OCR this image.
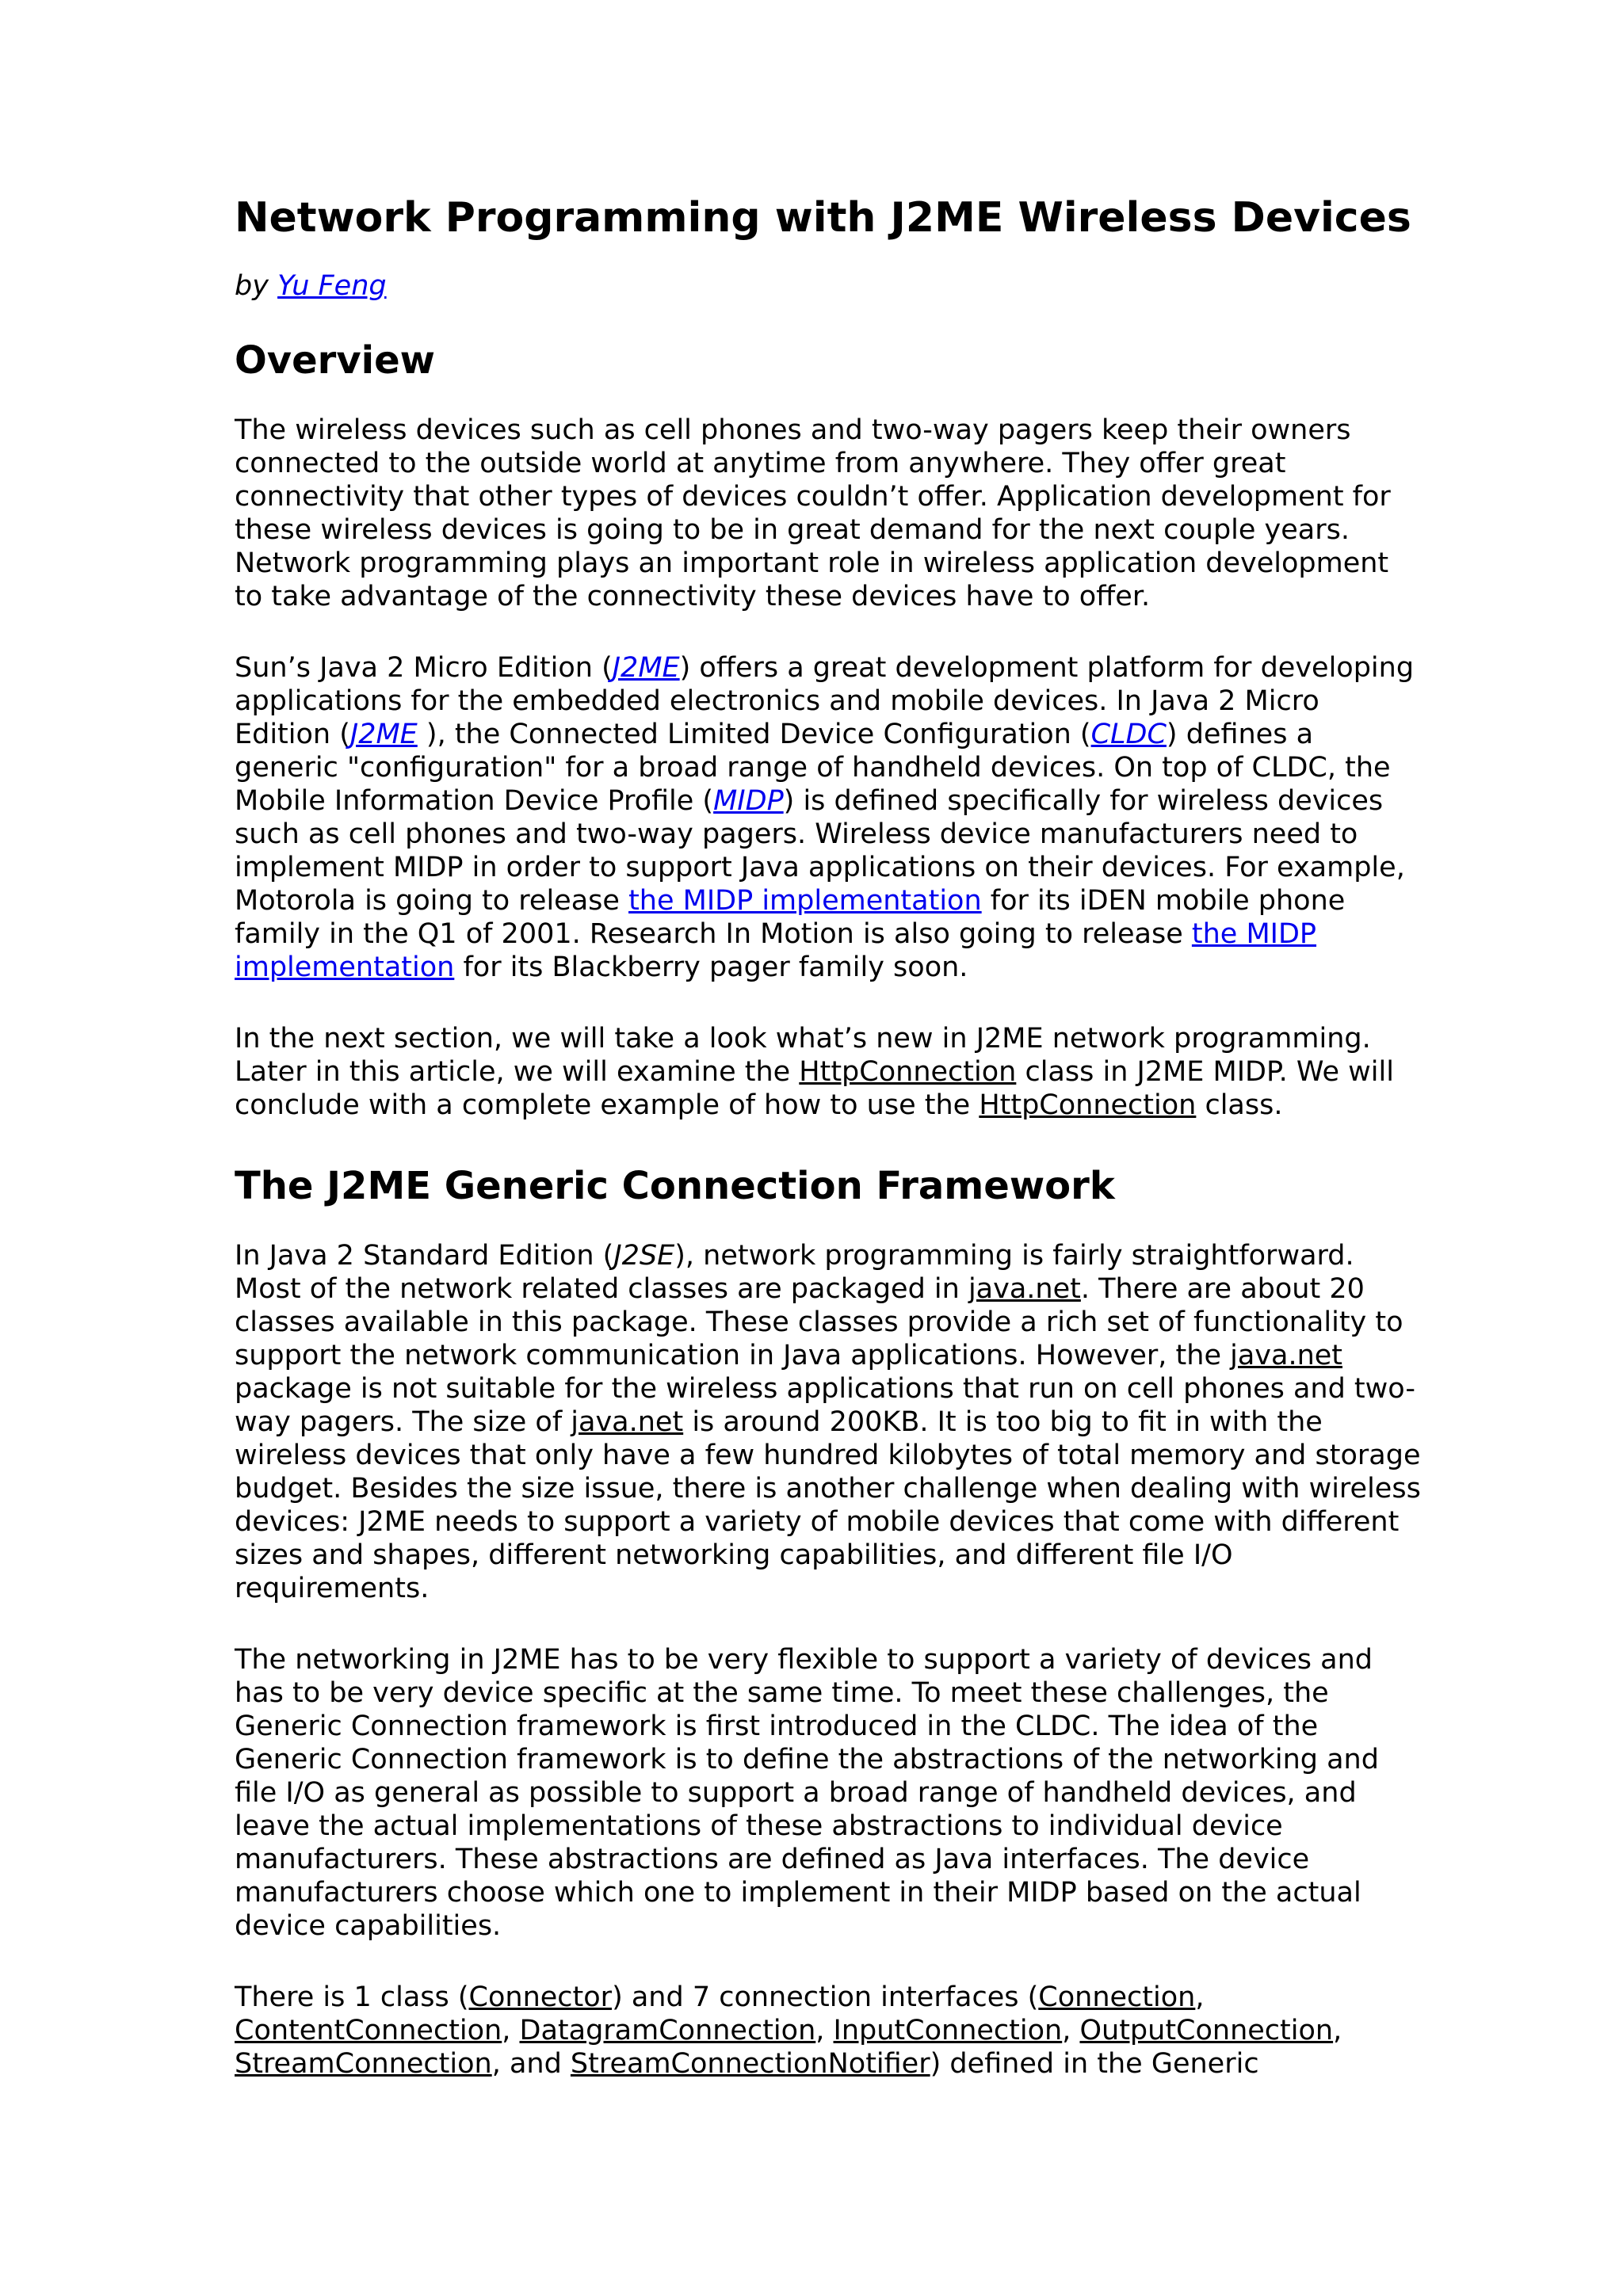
Network Programming with J2ME Wireless Devices
by Yu Feng
Overview

The wireless devices such as cell phones and two-way pagers keep their owners connected to the outside world at anytime from anywhere. They offer great connectivity that other types of devices couldn’t offer. Application development for these wireless devices is going to be in great demand for the next couple years. Network programming plays an important role in wireless application development to take advantage of the connectivity these devices have to offer.

Sun’s Java 2 Micro Edition (J2ME) offers a great development platform for developing applications for the embedded electronics and mobile devices. In Java 2 Micro Edition (J2ME ), the Connected Limited Device Configuration (CLDC) defines a generic "configuration" for a broad range of handheld devices. On top of CLDC, the Mobile Information Device Profile (MIDP) is defined specifically for wireless devices such as cell phones and two-way pagers. Wireless device manufacturers need to implement MIDP in order to support Java applications on their devices. For example, Motorola is going to release the MIDP implementation for its iDEN mobile phone family in the Q1 of 2001. Research In Motion is also going to release the MIDP implementation for its Blackberry pager family soon.

In the next section, we will take a look what’s new in J2ME network programming. Later in this article, we will examine the HttpConnection class in J2ME MIDP. We will conclude with a complete example of how to use the HttpConnection class.

The J2ME Generic Connection Framework

In Java 2 Standard Edition (J2SE), network programming is fairly straightforward. Most of the network related classes are packaged in java.net. There are about 20 classes available in this package. These classes provide a rich set of functionality to support the network communication in Java applications. However, the java.net package is not suitable for the wireless applications that run on cell phones and two-way pagers. The size of java.net is around 200KB. It is too big to fit in with the wireless devices that only have a few hundred kilobytes of total memory and storage budget. Besides the size issue, there is another challenge when dealing with wireless devices: J2ME needs to support a variety of mobile devices that come with different sizes and shapes, different networking capabilities, and different file I/O requirements.

The networking in J2ME has to be very flexible to support a variety of devices and has to be very device specific at the same time. To meet these challenges, the Generic Connection framework is first introduced in the CLDC. The idea of the Generic Connection framework is to define the abstractions of the networking and file I/O as general as possible to support a broad range of handheld devices, and leave the actual implementations of these abstractions to individual device manufacturers. These abstractions are defined as Java interfaces. The device manufacturers choose which one to implement in their MIDP based on the actual device capabilities.

There is 1 class (Connector) and 7 connection interfaces (Connection, ContentConnection, DatagramConnection, InputConnection, OutputConnection, StreamConnection, and StreamConnectionNotifier) defined in the Generic
